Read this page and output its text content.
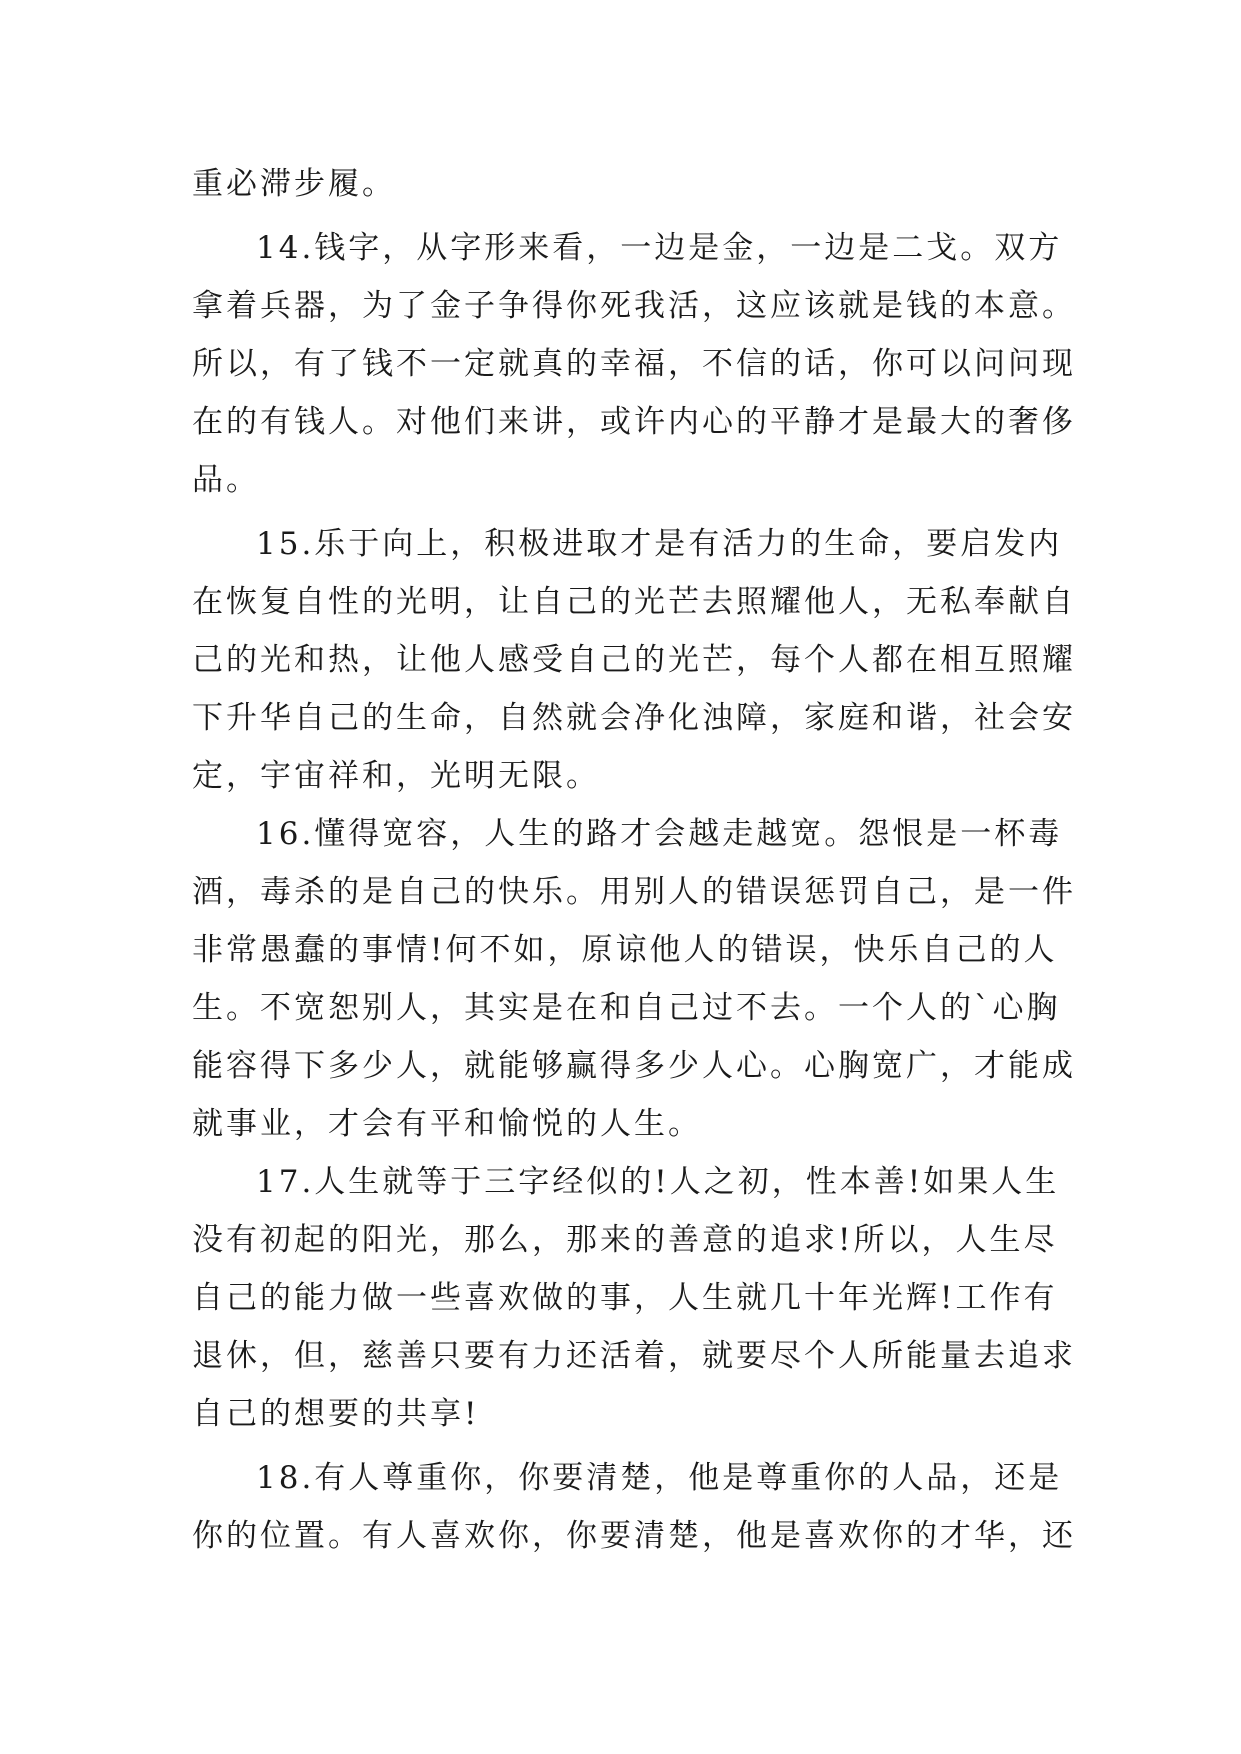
重必滞步履。

14.钱字，从字形来看，一边是金，一边是二戈。双方
拿着兵器，为了金子争得你死我活，这应该就是钱的本意。
所以，有了钱不一定就真的幸福，不信的话，你可以问问现
在的有钱人。对他们来讲，或许内心的平静才是最大的奢侈
品。

15.乐于向上，积极进取才是有活力的生命，要启发内
在恢复自性的光明，让自己的光芒去照耀他人，无私奉献自
己的光和热，让他人感受自己的光芒，每个人都在相互照耀
下升华自己的生命，自然就会净化浊障，家庭和谐，社会安
定，宇宙祥和，光明无限。

16.懂得宽容，人生的路才会越走越宽。怨恨是一杯毒
酒，毒杀的是自己的快乐。用别人的错误惩罚自己，是一件
非常愚蠢的事情!何不如，原谅他人的错误，快乐自己的人
生。不宽恕别人，其实是在和自己过不去。一个人的`心胸
能容得下多少人，就能够赢得多少人心。心胸宽广，才能成
就事业，才会有平和愉悦的人生。

17.人生就等于三字经似的!人之初，性本善!如果人生
没有初起的阳光，那么，那来的善意的追求!所以，人生尽
自己的能力做一些喜欢做的事，人生就几十年光辉!工作有
退休，但，慈善只要有力还活着，就要尽个人所能量去追求
自己的想要的共享!

18.有人尊重你，你要清楚，他是尊重你的人品，还是
你的位置。有人喜欢你，你要清楚，他是喜欢你的才华，还
